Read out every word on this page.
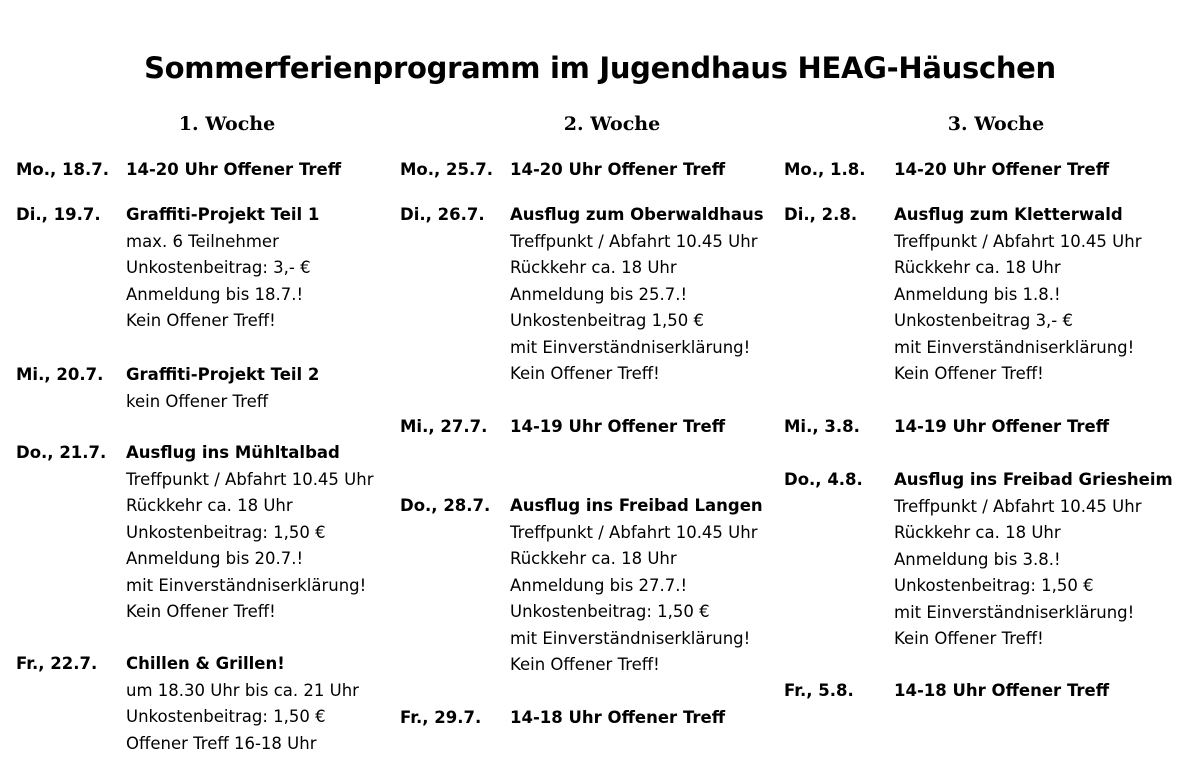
Sommerferienprogramm im Jugendhaus HEAG-Häuschen
1. Woche	2. Woche	3. Woche
Mo., 18.7. 14-20 Uhr Offener Treff
Di., 19.7. Graffiti-Projekt Teil 1
max. 6 Teilnehmer
Unkostenbeitrag: 3,- €
Anmeldung bis 18.7.!
Kein Offener Treff!
Mi., 20.7. Graffiti-Projekt Teil 2
kein Offener Treff
Do., 21.7. Ausflug ins Mühltalbad
Treffpunkt / Abfahrt 10.45 Uhr
Rückkehr ca. 18 Uhr
Unkostenbeitrag: 1,50 €
Anmeldung bis 20.7.!
mit Einverständniserklärung!
Kein Offener Treff!
Fr., 22.7. Chillen & Grillen!
um 18.30 Uhr bis ca. 21 Uhr
Unkostenbeitrag: 1,50 €
Offener Treff 16-18 Uhr
Mo., 25.7. 14-20 Uhr Offener Treff
Di., 26.7. Ausflug zum Oberwaldhaus
Treffpunkt / Abfahrt 10.45 Uhr
Rückkehr ca. 18 Uhr
Anmeldung bis 25.7.!
Unkostenbeitrag 1,50 €
mit Einverständniserklärung!
Kein Offener Treff!
Mi., 27.7. 14-19 Uhr Offener Treff
Do., 28.7. Ausflug ins Freibad Langen
Treffpunkt / Abfahrt 10.45 Uhr
Rückkehr ca. 18 Uhr
Anmeldung bis 27.7.!
Unkostenbeitrag: 1,50 €
mit Einverständniserklärung!
Kein Offener Treff!
Fr., 29.7. 14-18 Uhr Offener Treff
Mo., 1.8. 14-20 Uhr Offener Treff
Di., 2.8. Ausflug zum Kletterwald
Treffpunkt / Abfahrt 10.45 Uhr
Rückkehr ca. 18 Uhr
Anmeldung bis 1.8.!
Unkostenbeitrag 3,- €
mit Einverständniserklärung!
Kein Offener Treff!
Mi., 3.8. 14-19 Uhr Offener Treff
Do., 4.8. Ausflug ins Freibad Griesheim
Treffpunkt / Abfahrt 10.45 Uhr
Rückkehr ca. 18 Uhr
Anmeldung bis 3.8.!
Unkostenbeitrag: 1,50 €
mit Einverständniserklärung!
Kein Offener Treff!
Fr., 5.8. 14-18 Uhr Offener Treff
